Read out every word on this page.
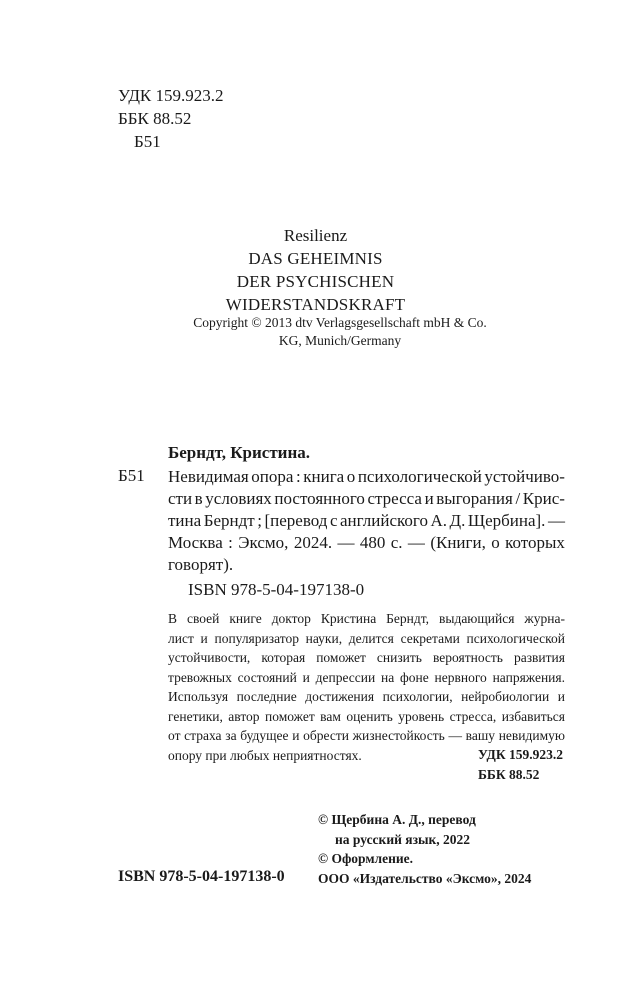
УДК 159.923.2
ББК 88.52
Б51
Resilienz
DAS GEHEIMNIS
DER PSYCHISCHEN
WIDERSTANDSKRAFT
Copyright © 2013 dtv Verlagsgesellschaft mbH & Co.
KG, Munich/Germany
Берндт, Кристина.
Б51 Невидимая опора : книга о психологической устойчиво-
сти в условиях постоянного стресса и выгорания / Крис-
тина Берндт ; [перевод с английского А. Д. Щербина]. —
Москва : Эксмо, 2024. — 480 с. — (Книги, о которых
говорят).
ISBN 978-5-04-197138-0
В своей книге доктор Кристина Берндт, выдающийся журна-
лист и популяризатор науки, делится секретами психологической
устойчивости, которая поможет снизить вероятность развития
тревожных состояний и депрессии на фоне нервного напряжения.
Используя последние достижения психологии, нейробиологии и
генетики, автор поможет вам оценить уровень стресса, избавиться
от страха за будущее и обрести жизнестойкость — вашу невидимую
опору
при
любых
неприятностях.	УДК 159.923.2
ББК 88.52
© Щербина А. Д., перевод
на русский язык, 2022
© Оформление.
ООО «Издательство «Эксмо», 2024
ISBN 978-5-04-197138-0
